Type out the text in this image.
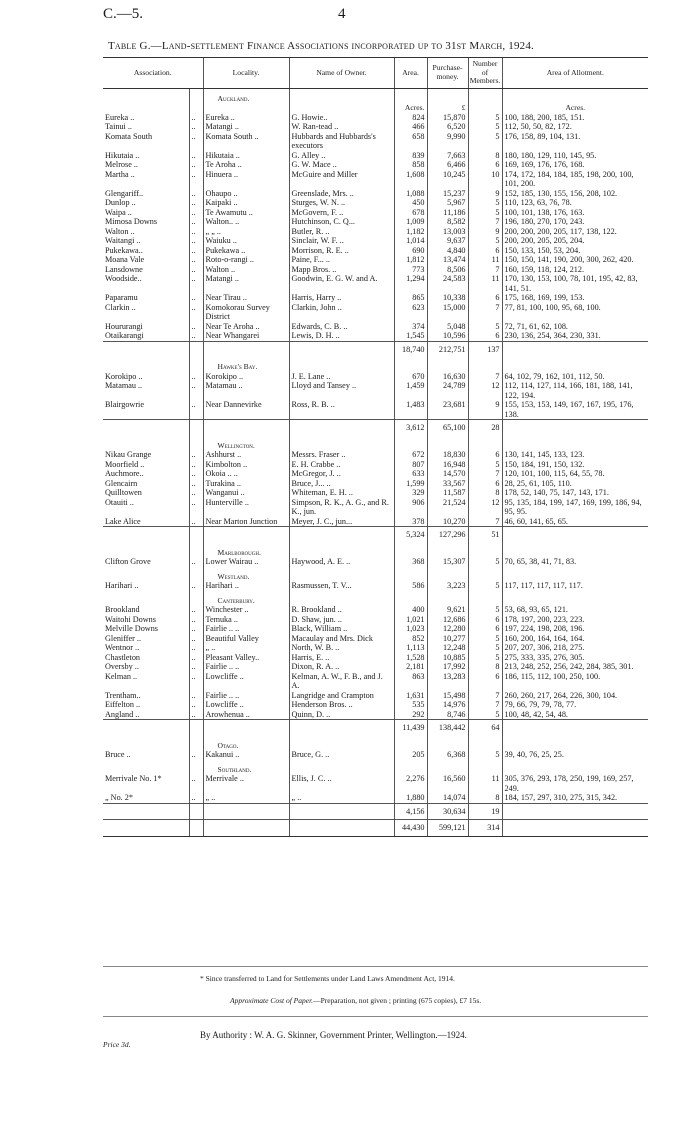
C.—5.	4
Table G.—Land-settlement Finance Associations incorporated up to 31st March, 1924.
Association.		Locality.	Name of Owner.	Area.	Purchase-money.	Number of Members.	Area of Allotment.
		Auckland.					
				Acres.	£		Acres.
Eureka ..	..	Eureka ..	G. Howie..	824	15,870	5	100, 188, 200, 185, 151.
Tainui ..	..	Matangi ..	W. Ran-tead ..	466	6,520	5	112, 50, 50, 82, 172.
Komata South	..	Komata South ..	Hubbards and Hubbards's executors	658	9,990	5	176, 158, 89, 104, 131.
Hikutaia ..	..	Hikutaia ..	G. Alley ..	839	7,663	8	180, 180, 129, 110, 145, 95.
Melrose ..	..	Te Aroha ..	G. W. Mace ..	858	6,466	6	169, 169, 176, 176, 168.
Martha ..	..	Hinuera ..	McGuire and Miller	1,608	10,245	10	174, 172, 184, 184, 185, 198, 200, 100, 101, 200.
Glengariff..	..	Ohaupo ..	Greenslade, Mrs. ..	1,088	15,237	9	152, 185, 130, 155, 156, 208, 102.
Dunlop ..	..	Kaipaki ..	Sturges, W. N. ..	450	5,967	5	110, 123, 63, 76, 78.
Waipa ..	..	Te Awamutu ..	McGovern, F. ..	678	11,186	5	100, 101, 138, 176, 163.
Mimosa Downs	..	Walton.. ..	Hutchinson, C. Q...	1,009	8,582	7	196, 180, 270, 170, 243.
Walton ..	..	„ „ ..	Butler, R. ..	1,182	13,003	9	200, 200, 200, 205, 117, 138, 122.
Waitangi ..	..	Waiuku ..	Sinclair, W. F. ..	1,014	9,637	5	200, 200, 205, 205, 204.
Pukekawa..	..	Pukekawa ..	Morrison, R. E. ..	690	4,840	6	150, 133, 150, 53, 204.
Moana Vale	..	Roto-o-rangi ..	Paine, F... ..	1,812	13,474	11	150, 150, 141, 190, 200, 300, 262, 420.
Lansdowne	..	Walton ..	Mapp Bros. ..	773	8,506	7	160, 159, 118, 124, 212.
Woodside..	..	Matangi ..	Goodwin, E. G. W. and A.	1,294	24,583	11	170, 130, 153, 100, 78, 101, 195, 42, 83, 141, 51.
Paparamu	..	Near Tirau ..	Harris, Harry ..	865	10,338	6	175, 168, 169, 199, 153.
Clarkin ..	..	Komokorau Survey District	Clarkin, John ..	623	15,000	7	77, 81, 100, 100, 95, 68, 100.
Hoururangi	..	Near Te Aroha ..	Edwards, C. B. ..	374	5,048	5	72, 71, 61, 62, 108.
Otaikarangi	..	Near Whangarei	Lewis, D. H. ..	1,545	10,596	6	230, 136, 254, 364, 230, 331.
				18,740	212,751	137	
		Hawke's Bay.					
Korokipo ..	..	Korokipo ..	J. E. Lane ..	670	16,630	7	64, 102, 79, 162, 101, 112, 50.
Matamau ..	..	Matamau ..	Lloyd and Tansey ..	1,459	24,789	12	112, 114, 127, 114, 166, 181, 188, 141, 122, 194.
Blairgowrie	..	Near Dannevirke	Ross, R. B. ..	1,483	23,681	9	155, 153, 153, 149, 167, 167, 195, 176, 138.
				3,612	65,100	28	
		Wellington.					
Nikau Grange	..	Ashhurst ..	Messrs. Fraser ..	672	18,830	6	130, 141, 145, 133, 123.
Moorfield ..	..	Kimbolton ..	E. H. Crabbe ..	807	16,948	5	150, 184, 191, 150, 132.
Auchmore..	..	Okoia .. ..	McGregor, J. ..	633	14,570	7	120, 101, 100, 115, 64, 55, 78.
Glencairn	..	Turakina ..	Bruce, J... ..	1,599	33,567	6	28, 25, 61, 105, 110.
Quilltowen	..	Wanganui ..	Whiteman, E. H. ..	329	11,587	8	178, 52, 140, 75, 147, 143, 171.
Otauiti ..	..	Hunterville ..	Simpson, R. K., A. G., and R. K., jun.	906	21,524	12	95, 135, 184, 199, 147, 169, 199, 186, 94, 95, 95.
Lake Alice	..	Near Marton Junction	Meyer, J. C., jun...	378	10,270	7	46, 60, 141, 65, 65.
				5,324	127,296	51	
		Marlborough.					
Clifton Grove	..	Lower Wairau ..	Haywood, A. E. ..	368	15,307	5	70, 65, 38, 41, 71, 83.
		Westland.					
Harihari ..	..	Harihari ..	Rasmussen, T. V...	586	3,223	5	117, 117, 117, 117, 117.
		Canterbury.					
Brookland	..	Winchester ..	R. Brookland ..	400	9,621	5	53, 68, 93, 65, 121.
Waitohi Downs	..	Temuka ..	D. Shaw, jun. ..	1,021	12,686	6	178, 197, 200, 223, 223.
Melville Downs	..	Fairlie .. ..	Black, William ..	1,023	12,280	6	197, 224, 198, 208, 196.
Gleniffer ..	..	Beautiful Valley	Macaulay and Mrs. Dick	852	10,277	5	160, 200, 164, 164, 164.
Wentnor ..	..	„ ..	North, W. B. ..	1,113	12,248	5	207, 207, 306, 218, 275.
Chastleton	..	Pleasant Valley..	Harris, E. ..	1,528	10,885	5	275, 333, 335, 276, 305.
Oversby ..	..	Fairlie .. ..	Dixon, R. A. ..	2,181	17,992	8	213, 248, 252, 256, 242, 284, 385, 301.
Kelman ..	..	Lowcliffe ..	Kelman, A. W., F. B., and J. A.	863	13,283	6	186, 115, 112, 100, 250, 100.
Trentham..	..	Fairlie .. ..	Langridge and Crampton	1,631	15,498	7	260, 260, 217, 264, 226, 300, 104.
Eiffelton ..	..	Lowcliffe ..	Henderson Bros. ..	535	14,976	7	79, 66, 79, 79, 78, 77.
Angland ..	..	Arowhenua ..	Quinn, D. ..	292	8,746	5	100, 48, 42, 54, 48.
				11,439	138,442	64	
		Otago.					
Bruce ..	..	Kakanui ..	Bruce, G. ..	205	6,368	5	39, 40, 76, 25, 25.
		Southland.					
Merrivale No. 1*	..	Merrivale ..	Ellis, J. C. ..	2,276	16,560	11	305, 376, 293, 178, 250, 199, 169, 257, 249.
„ No. 2*	..	„ ..	„ ..	1,880	14,074	8	184, 157, 297, 310, 275, 315, 342.
				4,156	30,634	19	
				44,430	599,121	314	
* Since transferred to Land for Settlements under Land Laws Amendment Act, 1914.
Approximate Cost of Paper.—Preparation, not given ; printing (675 copies), £7 15s.
Price 3d.
By Authority : W. A. G. Skinner, Government Printer, Wellington.—1924.
